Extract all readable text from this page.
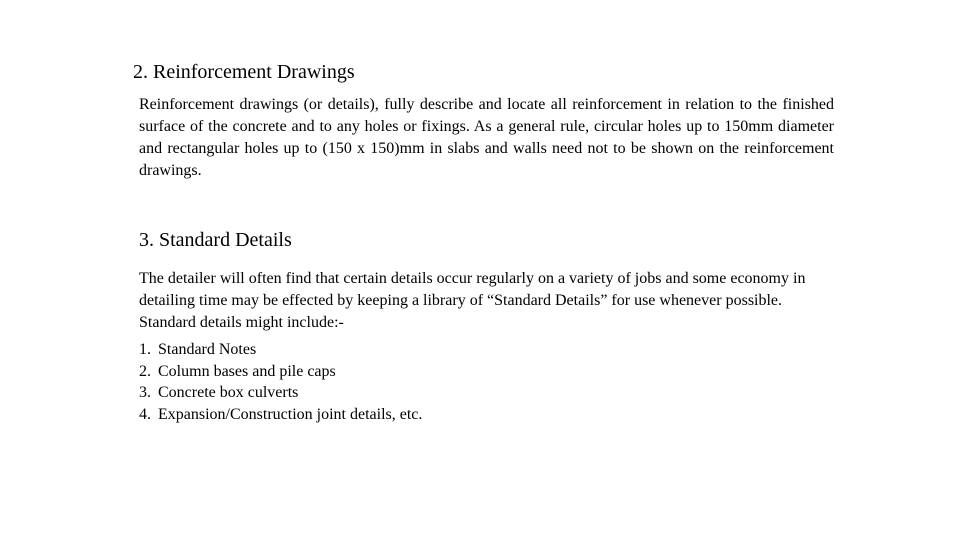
2. Reinforcement Drawings

Reinforcement drawings (or details), fully describe and locate all reinforcement in relation to the finished surface of the concrete and to any holes or fixings. As a general rule, circular holes up to 150mm diameter and rectangular holes up to (150 x 150)mm in slabs and walls need not to be shown on the reinforcement drawings.

3. Standard Details

The detailer will often find that certain details occur regularly on a variety of jobs and some economy in detailing time may be effected by keeping a library of “Standard Details” for use whenever possible. Standard details might include:-

1. Standard Notes
2. Column bases and pile caps
3. Concrete box culverts
4. Expansion/Construction joint details, etc.
